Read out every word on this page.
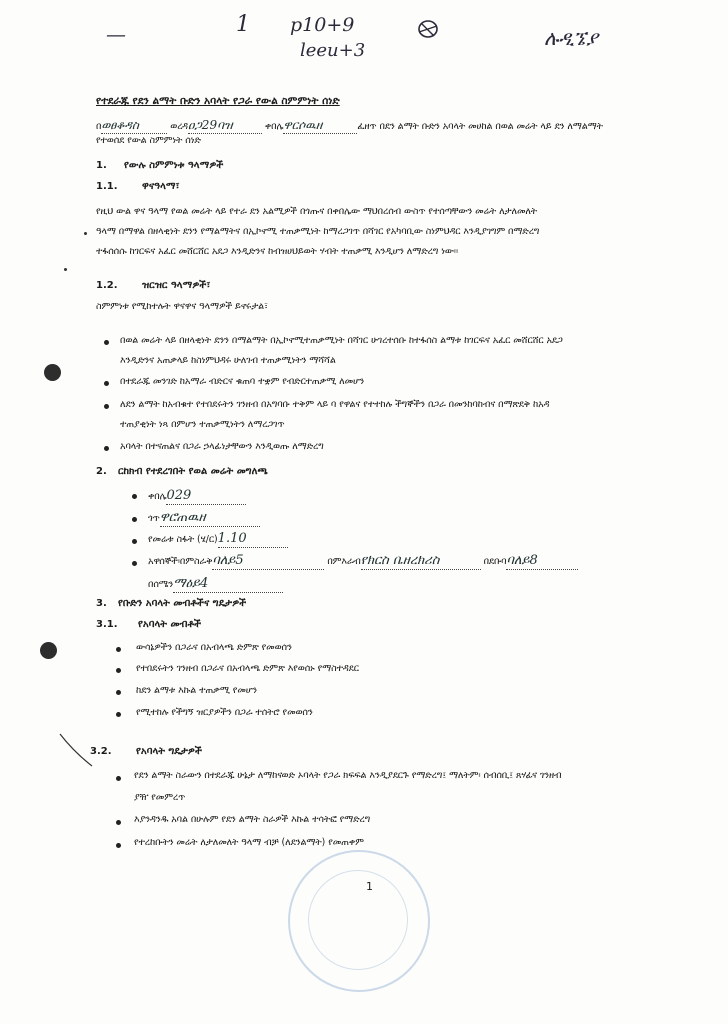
—	1 p10+9
leeu+3
ሉዲኜያ
የተደራጁ የደን ልማት ቡድን አባላት የጋራ የውል ስምምነት ሰነድ
በወፀቆዳስ	ወረዳዐጋ29ባዝ	ቀበሌዋርሶዉዘ	ፈዘጥ በደን ልማት ቡድን አባላት መሀከል በወል መሬት ላይ ደን ለማልማት
የተወሰደ የውል ስምምነት ሰነድ
1. የውሉ ስምምነቱ ዓላማዎች
1.1. ዋናዓላማ፣
የዚህ ውል ዋና ዓላማ የወል መሬት ላይ የተራ ደን አልሚዎች በጎጡና በቀበሌው ማህበረሰብ ውስጥ የተሰጣቸውን መሬት ለታለመለት
ዓላማ በማዋል በዘላቂነት ደንን የማልማትና በኢኮኖሚ ተጠቃሚነት ከማረጋገጥ በሻገር የአካባቢው ስነምህዳር እንዲያገግም በማድረግ
ተፋሰሰሱ ከገርፍና አፈር መሸርሸር አደጋ እንዲድንና ከብዝሀህይወት ሃብት ተጠቃሚ እንዲሆን ለማድረግ ነው፡፡
1.2. ዝርዝር ዓላማዎች፣
ስምምነቱ የሚከተሉት ዋናዋና ዓላማዎች ይኖሩታል፣
በወል መሬት ላይ በዘላቂነት ደንን በማልማት በኢኮኖሚተጠቃሚነት በሻገር ሁገረተሰቡ ከተፋሰስ ልማቱ ከገርፍና አፈር መሸርሸር አደጋ
እንዲድንና አጠቃላይ ከስነምህዳሩ ሁለገብ ተጠቃሚነትን ማሻሻል
በተደራጁ መንገድ ከአማራ ብድርና ቁጠባ ተቋም የብድርተጠቃሚ ለመሆን
ለደን ልማት ከአብቁተ የተበደሩትን ገንዘብ በአግባቡ ተቅም ላይ ባ የዋልና የተተከሉ ችግኞችን በጋራ በመንከባከብና በማጽደቅ ከአዳ
ተጠያቂነት ነጻ በምሆን ተጠቃሚነትን ለማረጋገጥ
አባላት በተናጠልና በጋራ ኃላፊነታቸውን እንዲወጡ ለማድረግ
2. ርከክብ የተደረገበት የወል መሬት መግለጫ
ቀበሌ029
ጎጥዋሮጠዉዘ
የመሬቱ ስፋት (ሄ/ር)1.10
አዋሰኞች፡በምስራቅባለይ5	በምእራብየክርስ ቤዘረክሪስ	በደቡባባለይ8
በሰሜንማዕይ4
3. የቡድን አባላት መብቶችና ግዴታዎች
3.1. የአባላት መብቶች
ውሳኔዎችን በጋራና በአብላጫ ድምጽ የመወሰን
የተበደሩትን ገንዘብ በጋራና በአብላጫ ድምጽ እየወሰኑ የማስተዳደር
ከደን ልማቱ እኩል ተጠቃሚ የመሆን
የሚተከሉ የችግኝ ዝርያዎችን በጋራ ተሰትሮ የመወሰን
3.2. የአባላት ግዴታዎች
የደን ልማት ስራውን በተደራጁ ሁኔታ ለማከናወድ ኦባላት የጋራ ክፍፍል እንዲያደርጉ የማድረግ፤ ማለትም፡ ሰብሰቢ፤ ጸሃፊና ገንዘብ
ያዥ የመምረጥ
እያንዳንዱ አባል በሁሉም የደን ልማት ስራዎች እኩል ተሳትፎ የማድረግ
የተረከቡትን መሬት ለታለመለት ዓላማ ብቻ (ለደንልማት) የመጠቀም
1
